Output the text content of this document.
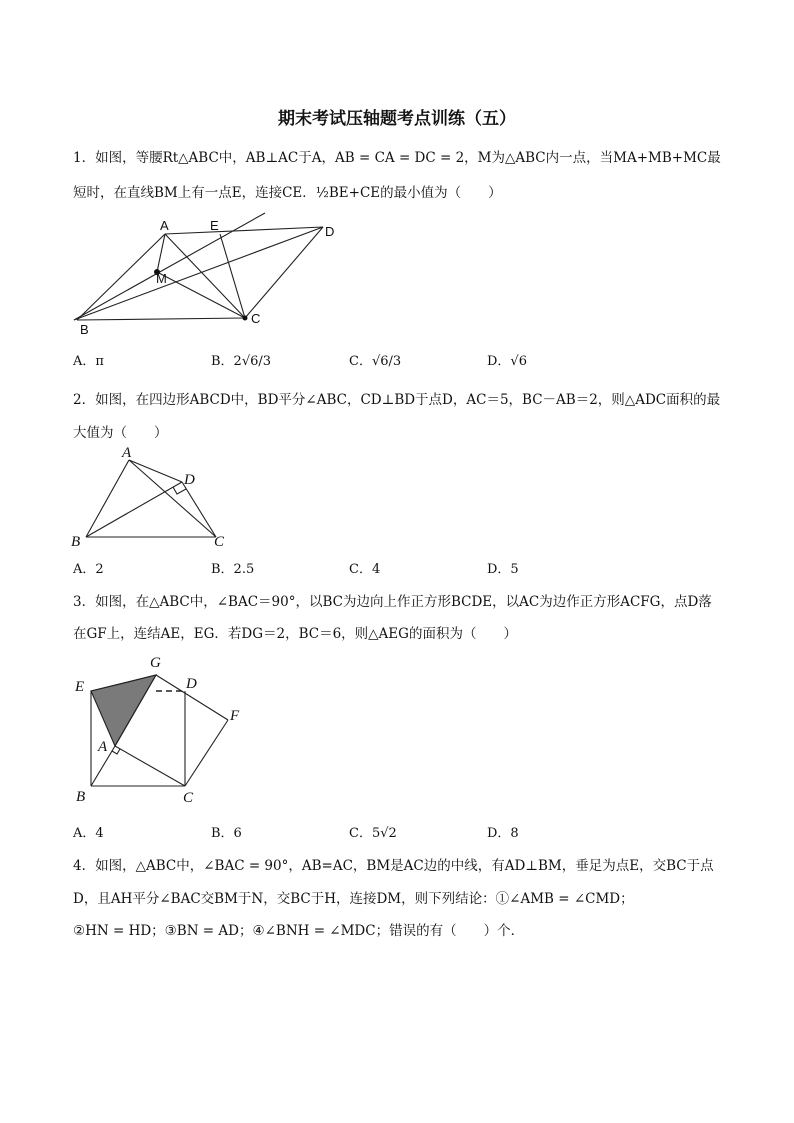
期末考试压轴题考点训练（五）
1．如图，等腰Rt△ABC中，AB⊥AC于A，AB = CA = DC = 2，M为△ABC内一点，当MA+MB+MC最
短时，在直线BM上有一点E，连接CE．½BE+CE的最小值为（　　）
A	E	D
M
B
C
A．π	B．2√6/3	C．√6/3	D．√6
2．如图，在四边形ABCD中，BD平分∠ABC，CD⊥BD于点D，AC＝5，BC－AB＝2，则△ADC面积的最
大值为（　　）
A
D
B	C
A．2	B．2.5	C．4	D．5
3．如图，在△ABC中，∠BAC＝90°，以BC为边向上作正方形BCDE，以AC为边作正方形ACFG，点D落
在GF上，连结AE，EG．若DG＝2，BC＝6，则△AEG的面积为（　　）
G
E	D
F
A
B	C
A．4	B．6	C．5√2	D．8
4．如图，△ABC中，∠BAC = 90°，AB=AC，BM是AC边的中线，有AD⊥BM，垂足为点E，交BC于点
D，且AH平分∠BAC交BM于N，交BC于H，连接DM，则下列结论：①∠AMB = ∠CMD；
②HN = HD；③BN = AD；④∠BNH = ∠MDC；错误的有（　　）个．
